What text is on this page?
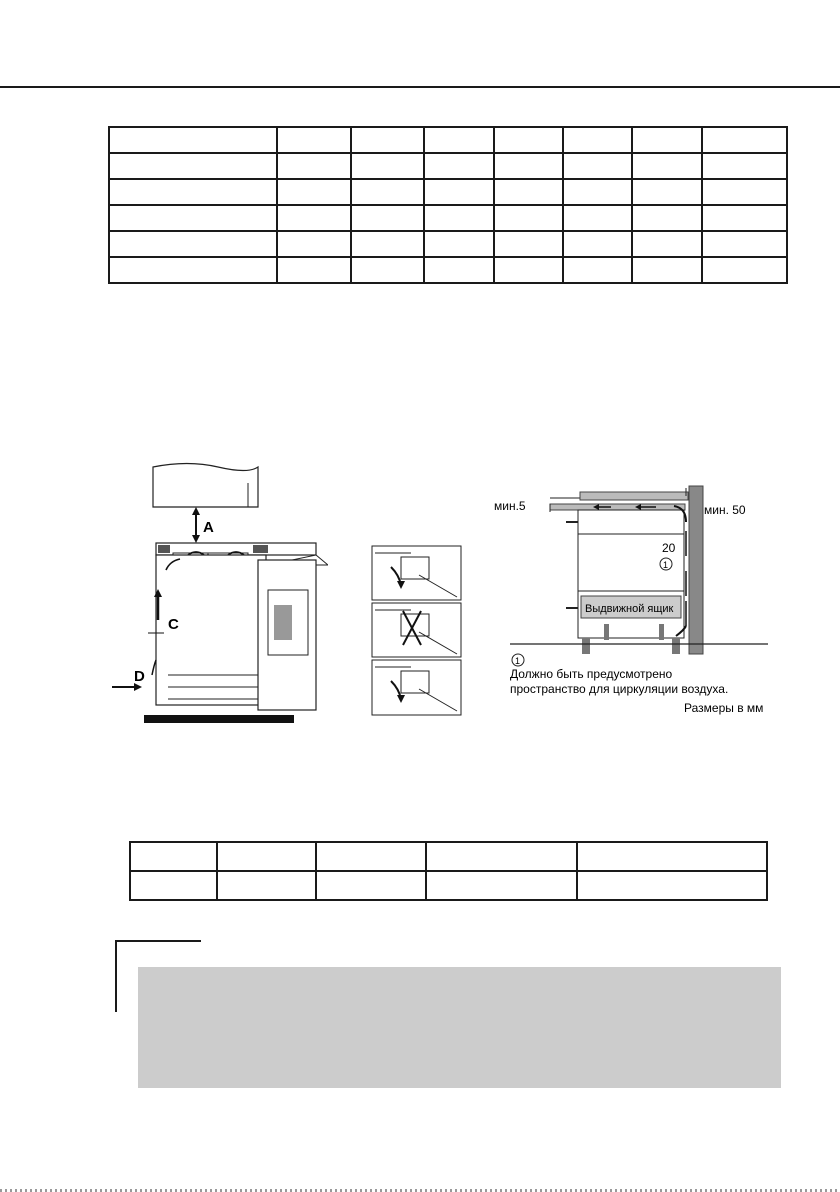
A
C
D
мин.5	мин. 50
Выдвижной ящик
20
1
1
Должно быть предусмотрено
пространство для циркуляции воздуха.
Размеры в мм
